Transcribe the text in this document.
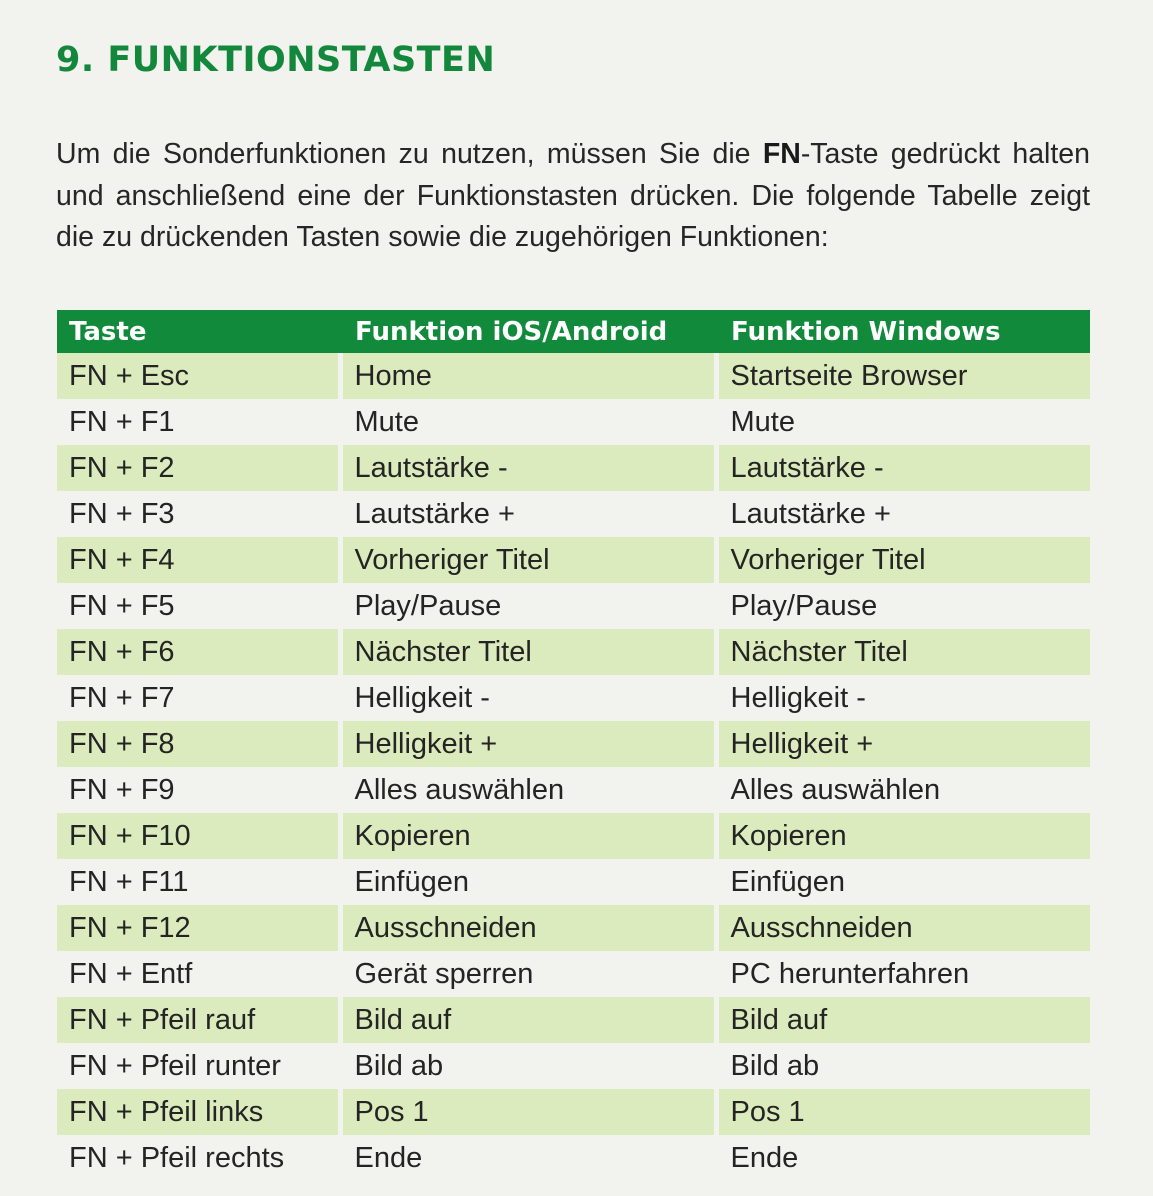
9. FUNKTIONSTASTEN

Um die Sonderfunktionen zu nutzen, müssen Sie die FN-Taste gedrückt halten und anschließend eine der Funktionstasten drücken. Die folgende Tabelle zeigt die zu drückenden Tasten sowie die zugehörigen Funktionen:

Taste	Funktion iOS/Android	Funktion Windows
FN + Esc	Home	Startseite Browser
FN + F1	Mute	Mute
FN + F2	Lautstärke -	Lautstärke -
FN + F3	Lautstärke +	Lautstärke +
FN + F4	Vorheriger Titel	Vorheriger Titel
FN + F5	Play/Pause	Play/Pause
FN + F6	Nächster Titel	Nächster Titel
FN + F7	Helligkeit -	Helligkeit -
FN + F8	Helligkeit +	Helligkeit +
FN + F9	Alles auswählen	Alles auswählen
FN + F10	Kopieren	Kopieren
FN + F11	Einfügen	Einfügen
FN + F12	Ausschneiden	Ausschneiden
FN + Entf	Gerät sperren	PC herunterfahren
FN + Pfeil rauf	Bild auf	Bild auf
FN + Pfeil runter	Bild ab	Bild ab
FN + Pfeil links	Pos 1	Pos 1
FN + Pfeil rechts	Ende	Ende
